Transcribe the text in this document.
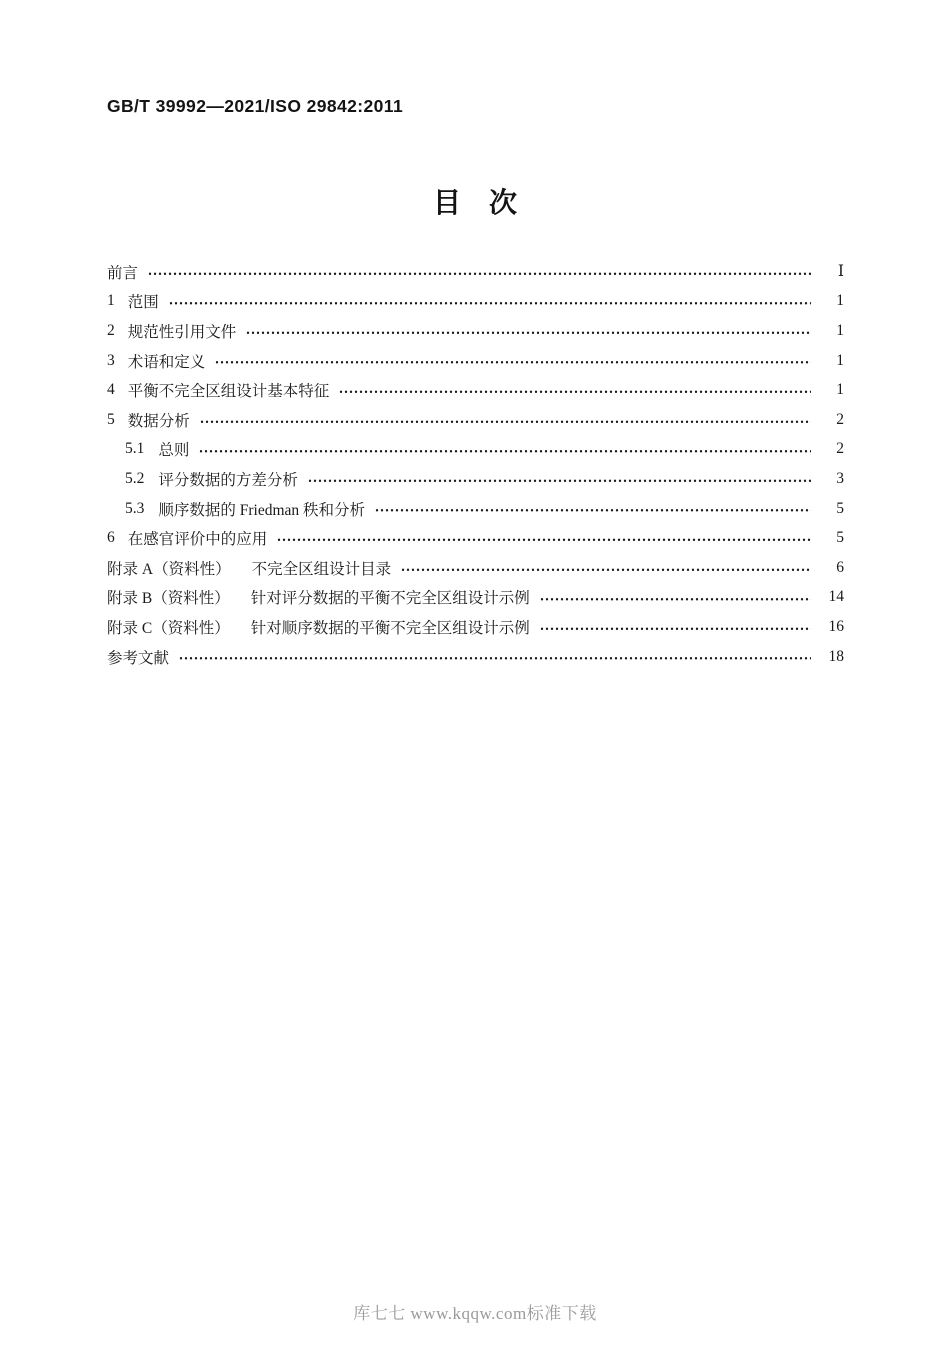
GB/T 39992—2021/ISO 29842:2011
目　次
前言	Ⅰ
1 范围	1
2 规范性引用文件	1
3 术语和定义	1
4 平衡不完全区组设计基本特征	1
5 数据分析	2
5.1 总则	2
5.2 评分数据的方差分析	3
5.3 顺序数据的 Friedman 秩和分析	5
6 在感官评价中的应用	5
附录 A（资料性） 不完全区组设计目录	6
附录 B（资料性） 针对评分数据的平衡不完全区组设计示例	14
附录 C（资料性） 针对顺序数据的平衡不完全区组设计示例	16
参考文献	18
库七七 www.kqqw.com标准下载
